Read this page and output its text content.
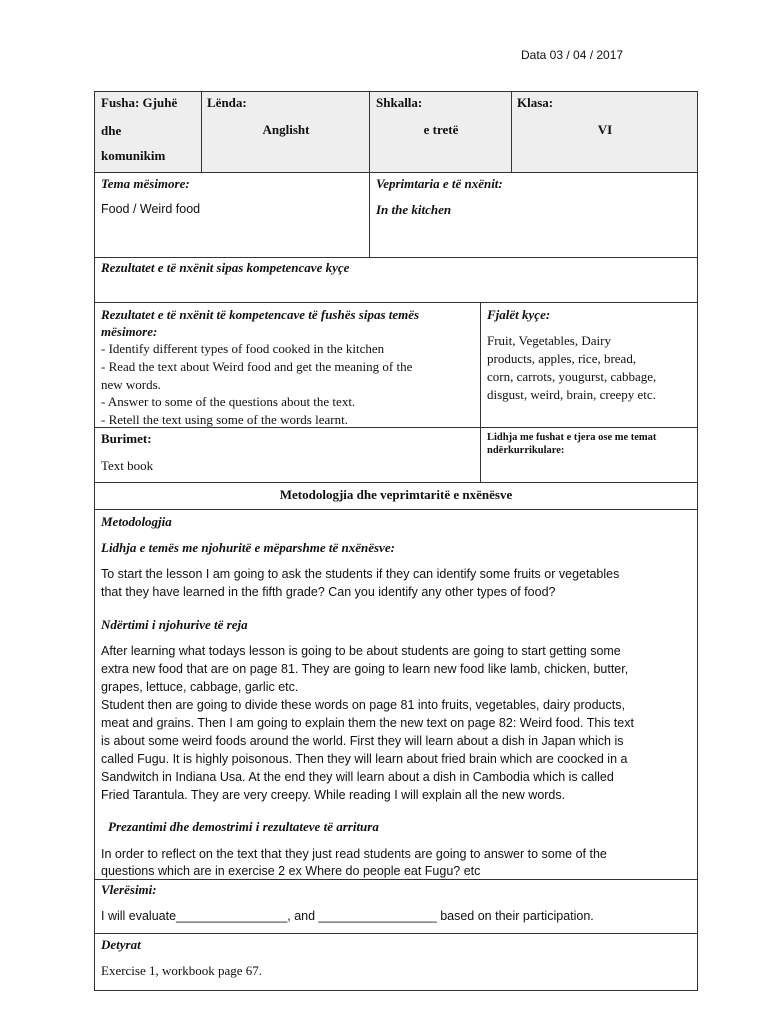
Data 03 / 04 / 2017
Fusha: Gjuhë
dhe
komunikim
Lënda:
Anglisht
Shkalla:
e tretë
Klasa:
VI
Tema mësimore:
Food / Weird food
Veprimtaria e të nxënit:
In the kitchen
Rezultatet e të nxënit sipas kompetencave kyçe
Rezultatet e të nxënit të kompetencave të fushës sipas temës
mësimore:
- Identify different types of food cooked in the kitchen
- Read the text about Weird food and get the meaning of the
new words.
- Answer to some of the questions about the text.
- Retell the text using some of the words learnt.
Fjalët kyçe:
Fruit, Vegetables, Dairy
products, apples, rice, bread,
corn, carrots, yougurst, cabbage,
disgust, weird, brain, creepy etc.
Burimet:
Text book
Lidhja me fushat e tjera ose me temat
ndërkurrikulare:
Metodologjia dhe veprimtaritë e nxënësve
Metodologjia
Lidhja e temës me njohuritë e mëparshme të nxënësve:
To start the lesson I am going to ask the students if they can identify some fruits or vegetables
that they have learned in the fifth grade? Can you identify any other types of food?
Ndërtimi i njohurive të reja
After learning what todays lesson is going to be about students are going to start getting some
extra new food that are on page 81. They are going to learn new food like lamb, chicken, butter,
grapes, lettuce, cabbage, garlic etc.
Student then are going to divide these words on page 81 into fruits, vegetables, dairy products,
meat and grains. Then I am going to explain them the new text on page 82: Weird food. This text
is about some weird foods around the world. First they will learn about a dish in Japan which is
called Fugu. It is highly poisonous. Then they will learn about fried brain which are coocked in a
Sandwitch in Indiana Usa. At the end they will learn about a dish in Cambodia which is called
Fried Tarantula. They are very creepy. While reading I will explain all the new words.
Prezantimi dhe demostrimi i rezultateve të arritura
In order to reflect on the text that they just read students are going to answer to some of the
questions which are in exercise 2 ex Where do people eat Fugu? etc
Vlerësimi:
I will evaluate________________, and _________________ based on their participation.
Detyrat
Exercise 1, workbook page 67.
